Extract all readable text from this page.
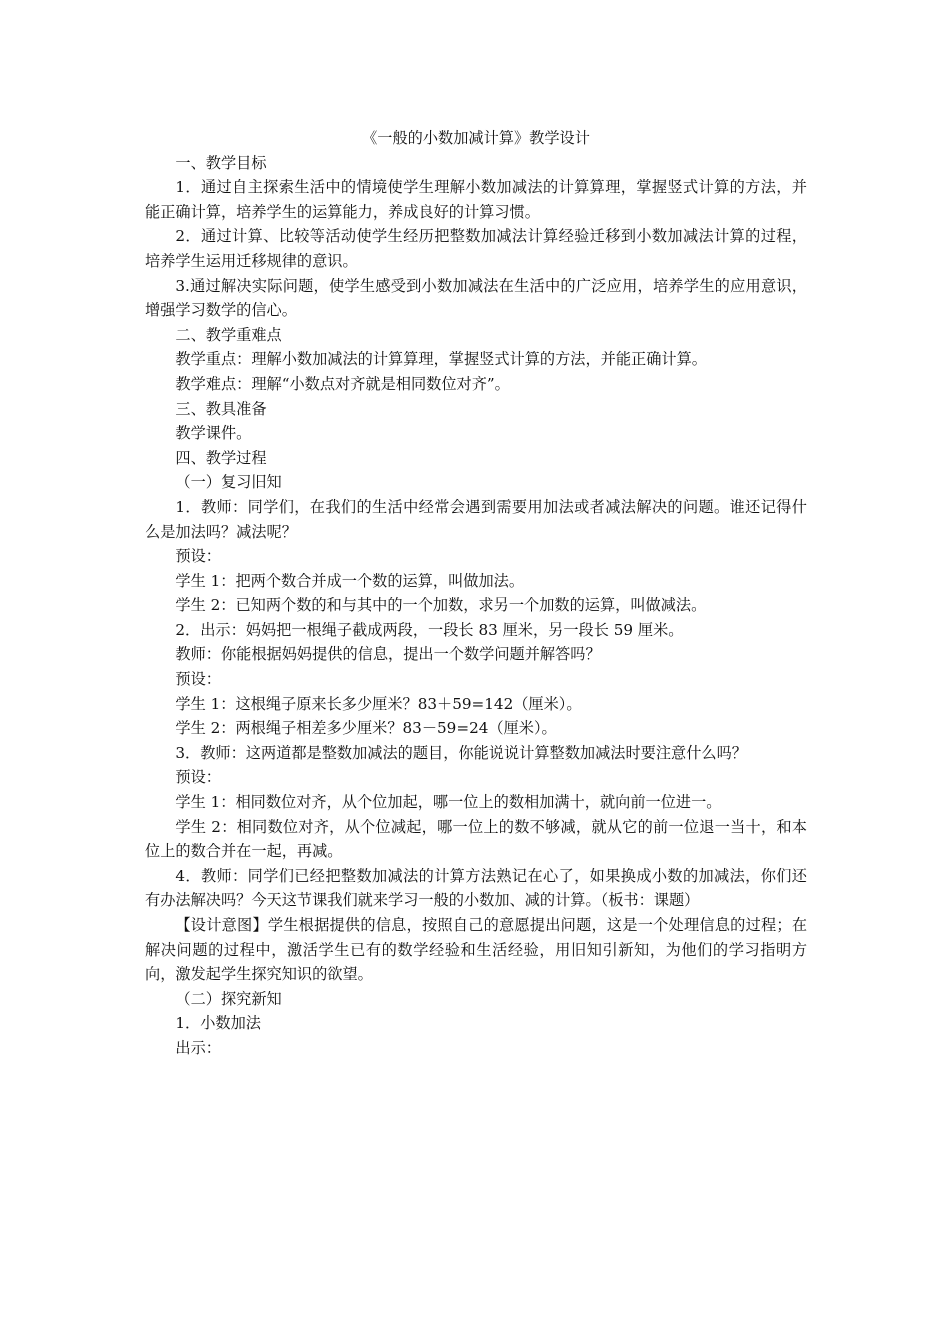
《一般的小数加减计算》教学设计

一、教学目标

1．通过自主探索生活中的情境使学生理解小数加减法的计算算理，掌握竖式计算的方法，并能正确计算，培养学生的运算能力，养成良好的计算习惯。

2．通过计算、比较等活动使学生经历把整数加减法计算经验迁移到小数加减法计算的过程，培养学生运用迁移规律的意识。

3.通过解决实际问题，使学生感受到小数加减法在生活中的广泛应用，培养学生的应用意识，增强学习数学的信心。

二、教学重难点

教学重点：理解小数加减法的计算算理，掌握竖式计算的方法，并能正确计算。

教学难点：理解“小数点对齐就是相同数位对齐”。

三、教具准备

教学课件。

四、教学过程

（一）复习旧知

1．教师：同学们，在我们的生活中经常会遇到需要用加法或者减法解决的问题。谁还记得什么是加法吗？减法呢？

预设：

学生 1：把两个数合并成一个数的运算，叫做加法。

学生 2：已知两个数的和与其中的一个加数，求另一个加数的运算，叫做减法。

2．出示：妈妈把一根绳子截成两段，一段长 83 厘米，另一段长 59 厘米。

教师：你能根据妈妈提供的信息，提出一个数学问题并解答吗？

预设：

学生 1：这根绳子原来长多少厘米？83＋59=142（厘米）。

学生 2：两根绳子相差多少厘米？83－59=24（厘米）。

3．教师：这两道都是整数加减法的题目，你能说说计算整数加减法时要注意什么吗？

预设：

学生 1：相同数位对齐，从个位加起，哪一位上的数相加满十，就向前一位进一。

学生 2：相同数位对齐，从个位减起，哪一位上的数不够减，就从它的前一位退一当十，和本位上的数合并在一起，再减。

4．教师：同学们已经把整数加减法的计算方法熟记在心了，如果换成小数的加减法，你们还有办法解决吗？今天这节课我们就来学习一般的小数加、减的计算。（板书：课题）

【设计意图】学生根据提供的信息，按照自己的意愿提出问题，这是一个处理信息的过程；在解决问题的过程中，激活学生已有的数学经验和生活经验，用旧知引新知，为他们的学习指明方向，激发起学生探究知识的欲望。

（二）探究新知

1．小数加法

出示：
